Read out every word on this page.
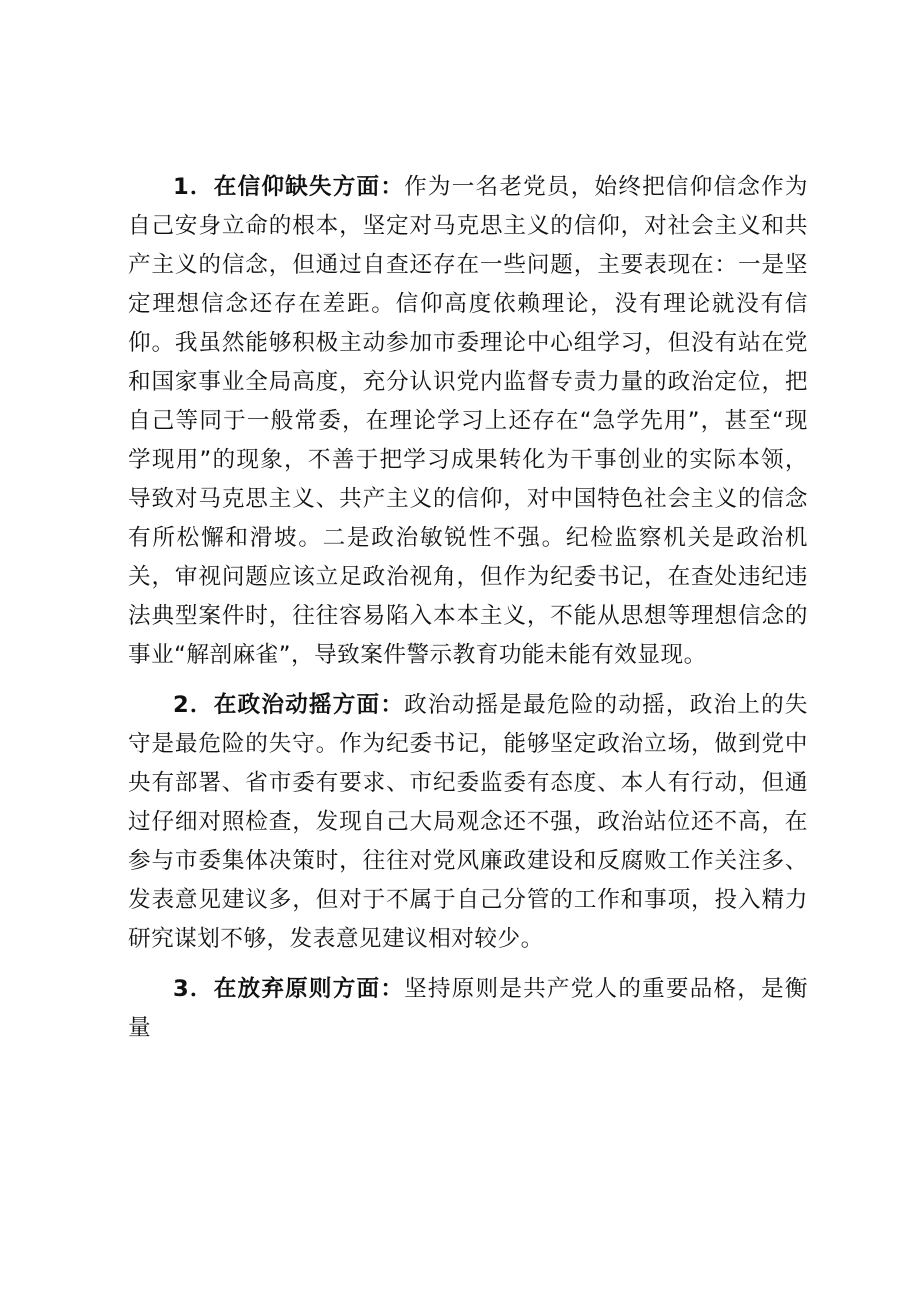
1．在信仰缺失方面：作为一名老党员，始终把信仰信念作为自己安身立命的根本，坚定对马克思主义的信仰，对社会主义和共产主义的信念，但通过自查还存在一些问题，主要表现在：一是坚定理想信念还存在差距。信仰高度依赖理论，没有理论就没有信仰。我虽然能够积极主动参加市委理论中心组学习，但没有站在党和国家事业全局高度，充分认识党内监督专责力量的政治定位，把自己等同于一般常委，在理论学习上还存在“急学先用”，甚至“现学现用”的现象，不善于把学习成果转化为干事创业的实际本领，导致对马克思主义、共产主义的信仰，对中国特色社会主义的信念有所松懈和滑坡。二是政治敏锐性不强。纪检监察机关是政治机关，审视问题应该立足政治视角，但作为纪委书记，在查处违纪违法典型案件时，往往容易陷入本本主义，不能从思想等理想信念的事业“解剖麻雀”，导致案件警示教育功能未能有效显现。

2．在政治动摇方面：政治动摇是最危险的动摇，政治上的失守是最危险的失守。作为纪委书记，能够坚定政治立场，做到党中央有部署、省市委有要求、市纪委监委有态度、本人有行动，但通过仔细对照检查，发现自己大局观念还不强，政治站位还不高，在参与市委集体决策时，往往对党风廉政建设和反腐败工作关注多、发表意见建议多，但对于不属于自己分管的工作和事项，投入精力研究谋划不够，发表意见建议相对较少。

3．在放弃原则方面：坚持原则是共产党人的重要品格，是衡量
